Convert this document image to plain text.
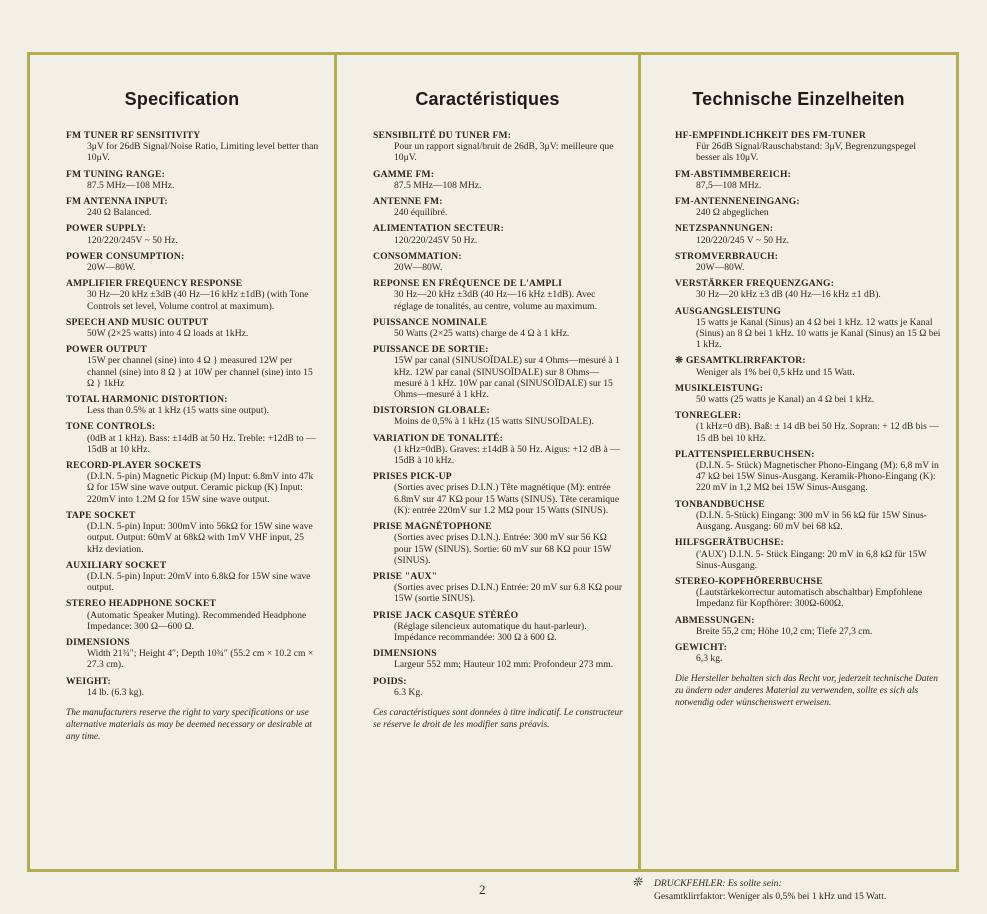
Specification
FM TUNER RF SENSITIVITY
3μV for 26dB Signal/Noise Ratio, Limiting level better than 10μV.
FM TUNING RANGE:
87.5 MHz—108 MHz.
FM ANTENNA INPUT:
240 Ω Balanced.
POWER SUPPLY:
120/220/245V ~ 50 Hz.
POWER CONSUMPTION:
20W—80W.
AMPLIFIER FREQUENCY RESPONSE
30 Hz—20 kHz ±3dB (40 Hz—16 kHz ±1dB) (with Tone Controls set level, Volume control at maximum).
SPEECH AND MUSIC OUTPUT
50W (2×25 watts) into 4 Ω loads at 1kHz.
POWER OUTPUT
15W per channel (sine) into 4 Ω } measured 12W per channel (sine) into 8 Ω } at 10W per channel (sine) into 15 Ω } 1kHz
TOTAL HARMONIC DISTORTION:
Less than 0.5% at 1 kHz (15 watts sine output).
TONE CONTROLS:
(0dB at 1 kHz). Bass: ±14dB at 50 Hz. Treble: +12dB to —15dB at 10 kHz.
RECORD-PLAYER SOCKETS
(D.I.N. 5-pin) Magnetic Pickup (M) Input: 6.8mV into 47k Ω for 15W sine wave output. Ceramic pickup (K) Input: 220mV into 1.2M Ω for 15W sine wave output.
TAPE SOCKET
(D.I.N. 5-pin) Input: 300mV into 56kΩ for 15W sine wave output. Output: 60mV at 68kΩ with 1mV VHF input, 25 kHz deviation.
AUXILIARY SOCKET
(D.I.N. 5-pin) Input: 20mV into 6.8kΩ for 15W sine wave output.
STEREO HEADPHONE SOCKET
(Automatic Speaker Muting). Recommended Headphone Impedance: 300 Ω—600 Ω.
DIMENSIONS
Width 21¾″; Height 4″; Depth 10¾″ (55.2 cm × 10.2 cm × 27.3 cm).
WEIGHT:
14 lb. (6.3 kg).
The manufacturers reserve the right to vary specifications or use alternative materials as may be deemed necessary or desirable at any time.
Caractéristiques
SENSIBILITÉ DU TUNER FM:
Pour un rapport signal/bruit de 26dB, 3μV: meilleure que 10μV.
GAMME FM:
87.5 MHz—108 MHz.
ANTENNE FM:
240 équilibré.
ALIMENTATION SECTEUR:
120/220/245V 50 Hz.
CONSOMMATION:
20W—80W.
REPONSE EN FRÉQUENCE DE L'AMPLI
30 Hz—20 kHz ±3dB (40 Hz—16 kHz ±1dB). Avec réglage de tonalités, au centre, volume au maximum.
PUISSANCE NOMINALE
50 Watts (2×25 watts) charge de 4 Ω à 1 kHz.
PUISSANCE DE SORTIE:
15W par canal (SINUSOÏDALE) sur 4 Ohms—mesuré à 1 kHz. 12W par canal (SINUSOÏDALE) sur 8 Ohms—mesuré à 1 kHz. 10W par canal (SINUSOÏDALE) sur 15 Ohms—mesuré à 1 kHz.
DISTORSION GLOBALE:
Moins de 0,5% à 1 kHz (15 watts SINUSOÏDALE).
VARIATION DE TONALITÉ:
(1 kHz=0dB). Graves: ±14dB à 50 Hz. Aigus: +12 dB à —15dB à 10 kHz.
PRISES PICK-UP
(Sorties avec prises D.I.N.) Tête magnétique (M): entrée 6.8mV sur 47 KΩ pour 15 Watts (SINUS). Tête ceramique (K): entrée 220mV sur 1.2 MΩ pour 15 Watts (SINUS).
PRISE MAGNÉTOPHONE
(Sorties avec prises D.I.N.). Entrée: 300 mV sur 56 KΩ pour 15W (SINUS). Sortie: 60 mV sur 68 KΩ pour 15W (SINUS).
PRISE "AUX"
(Sorties avec prises D.I.N.) Entrée: 20 mV sur 6.8 KΩ pour 15W (sortie SINUS).
PRISE JACK CASQUE STÉRÉO
(Réglage silencieux automatique du haut-parleur). Impédance recommandée: 300 Ω à 600 Ω.
DIMENSIONS
Largeur 552 mm; Hauteur 102 mm: Profondeur 273 mm.
POIDS:
6.3 Kg.
Ces caractéristiques sont données à titre indicatif. Le constructeur se réserve le droit de les modifier sans préavis.
Technische Einzelheiten
HF-EMPFINDLICHKEIT DES FM-TUNER
Für 26dB Signal/Rauschabstand: 3μV, Begrenzungspegel besser als 10μV.
FM-ABSTIMMBEREICH:
87,5—108 MHz.
FM-ANTENNENEINGANG:
240 Ω abgeglichen
NETZSPANNUNGEN:
120/220/245 V ~ 50 Hz.
STROMVERBRAUCH:
20W—80W.
VERSTÄRKER FREQUENZGANG:
30 Hz—20 kHz ±3 dB (40 Hz—16 kHz ±1 dB).
AUSGANGSLEISTUNG
15 watts je Kanal (Sinus) an 4 Ω bei 1 kHz. 12 watts je Kanal (Sinus) an 8 Ω bei 1 kHz. 10 watts je Kanal (Sinus) an 15 Ω bei 1 kHz.
❊ GESAMTKLIRRFAKTOR:
Weniger als 1% bei 0,5 kHz und 15 Watt.
MUSIKLEISTUNG:
50 watts (25 watts je Kanal) an 4 Ω bei 1 kHz.
TONREGLER:
(1 kHz=0 dB). Baß: ± 14 dB bei 50 Hz. Sopran: + 12 dB bis —15 dB bei 10 kHz.
PLATTENSPIELERBUCHSEN:
(D.I.N. 5- Stück) Magnetischer Phono-Eingang (M): 6,8 mV in 47 kΩ bei 15W Sinus-Ausgang. Keramik-Phono-Eingang (K): 220 mV in 1,2 MΩ bei 15W Sinus-Ausgang.
TONBANDBUCHSE
(D.I.N. 5-Stück) Eingang: 300 mV in 56 kΩ für 15W Sinus-Ausgang. Ausgang: 60 mV bei 68 kΩ.
HILFSGERÄTBUCHSE:
('AUX') D.I.N. 5- Stück Eingang: 20 mV in 6,8 kΩ für 15W Sinus-Ausgang.
STEREO-KOPFHÖRERBUCHSE
(Lautstärkekorrectur automatisch abschaltbar) Empfohlene Impedanz für Kopfhörer: 300Ω-600Ω.
ABMESSUNGEN:
Breite 55,2 cm; Höhe 10,2 cm; Tiefe 27,3 cm.
GEWICHT:
6,3 kg.
Die Hersteller behalten sich das Recht vor, jederzeit technische Daten zu ändern oder anderes Material zu verwenden, sollte es sich als notwendig oder wünschenswert erweisen.
2	❊ DRUCKFEHLER: Es sollte sein:
Gesamtklirrfaktor: Weniger als 0,5% bei 1 kHz und 15 Watt.
